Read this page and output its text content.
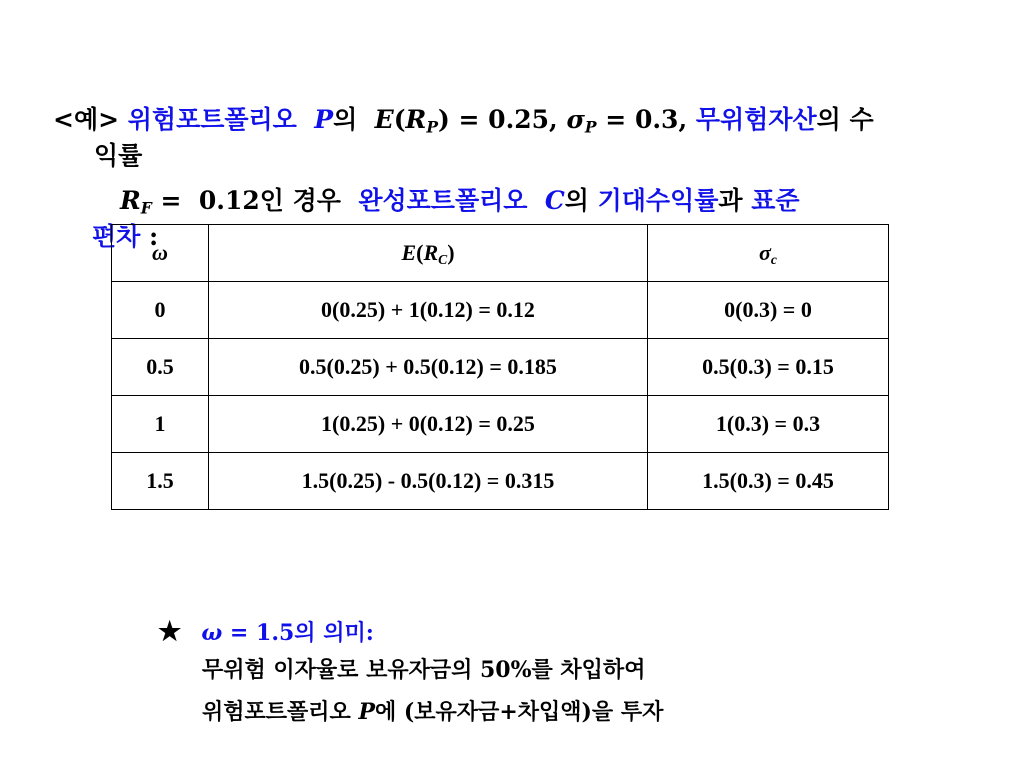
<예> 위험포트폴리오 P의 $E(R_P) = 0.25$, $\sigma_P = 0.3$, 무위험자산의 수
익률
$R_F = 0.12$인 경우 완성포트폴리오 C의 기대수익률과 표준
편차 :
ω	$E(R_C)$	$\sigma_c$
0	0(0.25) + 1(0.12) = 0.12	0(0.3) = 0
0.5	0.5(0.25) + 0.5(0.12) = 0.185	0.5(0.3) = 0.15
1	1(0.25) + 0(0.12) = 0.25	1(0.3) = 0.3
1.5	1.5(0.25) - 0.5(0.12) = 0.315	1.5(0.3) = 0.45
★ ω = 1.5의 의미:
무위험 이자율로 보유자금의 50%를 차입하여
위험포트폴리오 P에 (보유자금+차입액)을 투자
